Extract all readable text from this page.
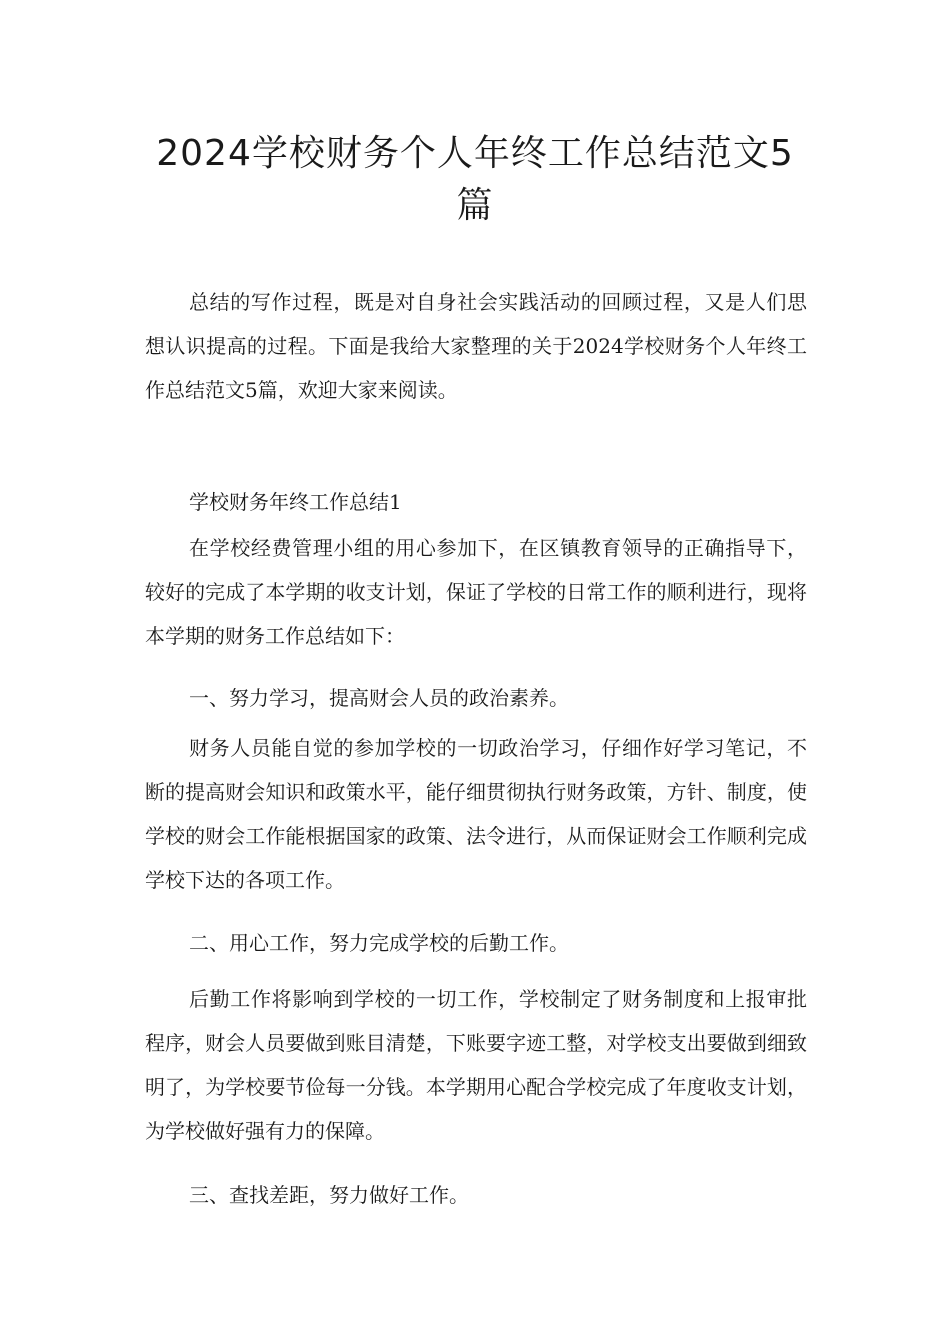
2024学校财务个人年终工作总结范文5篇

总结的写作过程，既是对自身社会实践活动的回顾过程，又是人们思想认识提高的过程。下面是我给大家整理的关于2024学校财务个人年终工作总结范文5篇，欢迎大家来阅读。

学校财务年终工作总结1

在学校经费管理小组的用心参加下，在区镇教育领导的正确指导下，较好的完成了本学期的收支计划，保证了学校的日常工作的顺利进行，现将本学期的财务工作总结如下：

一、努力学习，提高财会人员的政治素养。

财务人员能自觉的参加学校的一切政治学习，仔细作好学习笔记，不断的提高财会知识和政策水平，能仔细贯彻执行财务政策，方针、制度，使学校的财会工作能根据国家的政策、法令进行，从而保证财会工作顺利完成学校下达的各项工作。

二、用心工作，努力完成学校的后勤工作。

后勤工作将影响到学校的一切工作，学校制定了财务制度和上报审批程序，财会人员要做到账目清楚，下账要字迹工整，对学校支出要做到细致明了，为学校要节俭每一分钱。本学期用心配合学校完成了年度收支计划，为学校做好强有力的保障。

三、查找差距，努力做好工作。
